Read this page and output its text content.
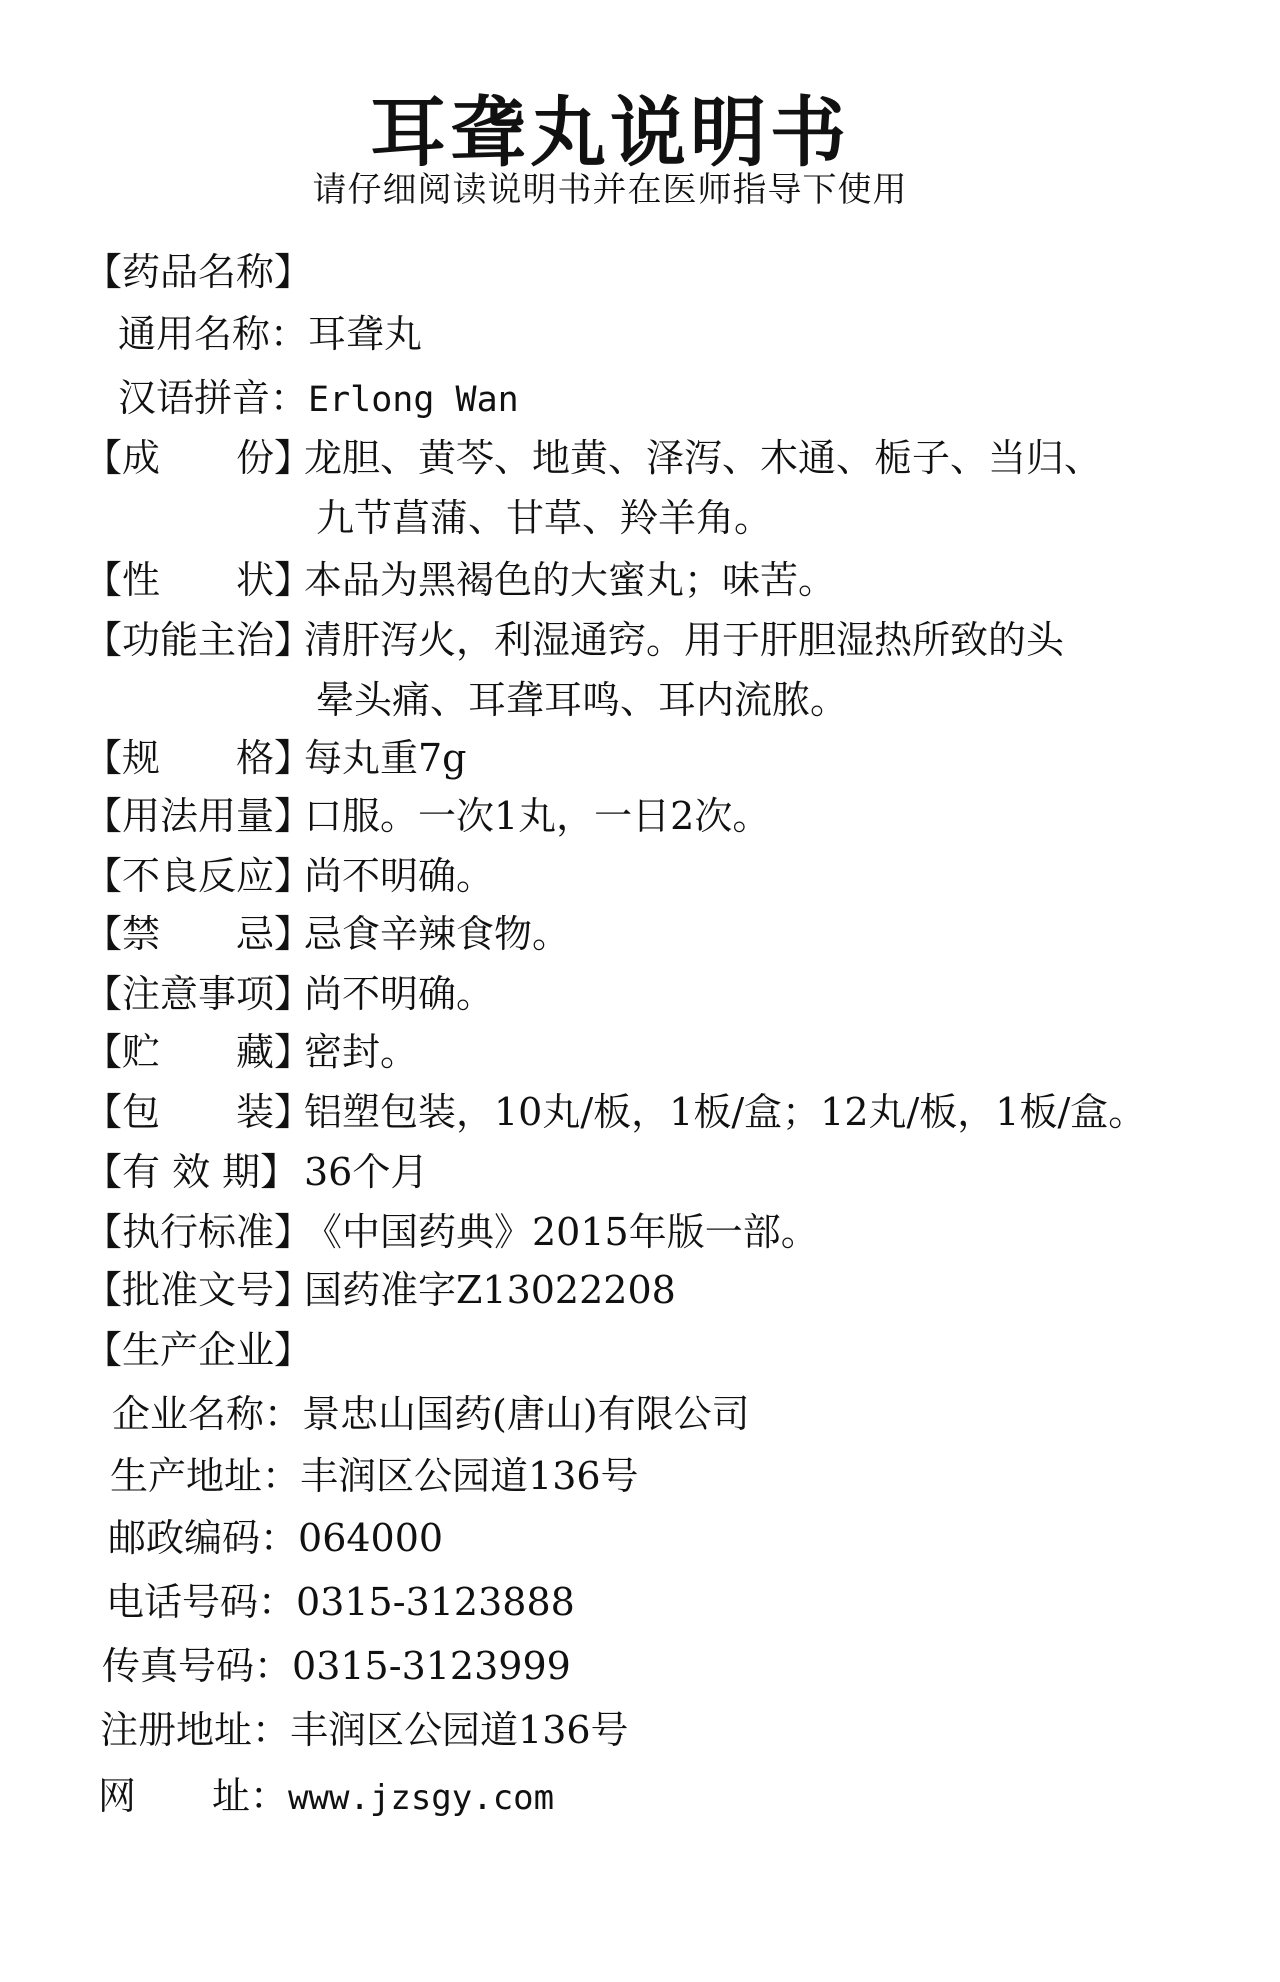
耳聋丸说明书
请仔细阅读说明书并在医师指导下使用
【药品名称】
通用名称：耳聋丸
汉语拼音：Erlong Wan
【成　　份】龙胆、黄芩、地黄、泽泻、木通、栀子、当归、
九节菖蒲、甘草、羚羊角。
【性　　状】本品为黑褐色的大蜜丸；味苦。
【功能主治】清肝泻火，利湿通窍。用于肝胆湿热所致的头
晕头痛、耳聋耳鸣、耳内流脓。
【规　　格】每丸重7g
【用法用量】口服。一次1丸，一日2次。
【不良反应】尚不明确。
【禁　　忌】忌食辛辣食物。
【注意事项】尚不明确。
【贮　　藏】密封。
【包　　装】铝塑包装，10丸/板，1板/盒；12丸/板，1板/盒。
【有 效 期】 36个月
【执行标准】《中国药典》2015年版一部。
【批准文号】国药准字Z13022208
【生产企业】
企业名称：景忠山国药(唐山)有限公司
生产地址：丰润区公园道136号
邮政编码：064000
电话号码：0315-3123888
传真号码：0315-3123999
注册地址：丰润区公园道136号
网　　址：www.jzsgy.com
